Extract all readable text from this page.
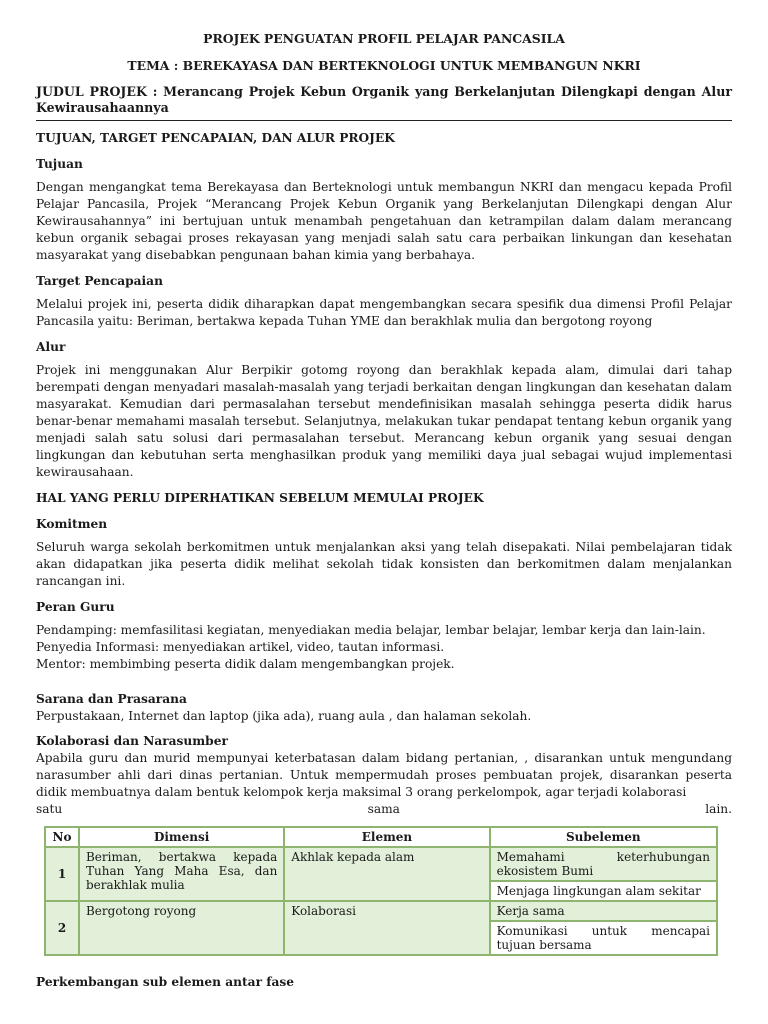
PROJEK PENGUATAN PROFIL PELAJAR PANCASILA
TEMA : BEREKAYASA DAN BERTEKNOLOGI UNTUK MEMBANGUN NKRI
JUDUL PROJEK : Merancang Projek Kebun Organik yang Berkelanjutan Dilengkapi dengan Alur Kewirausahaannya
TUJUAN, TARGET PENCAPAIAN, DAN ALUR PROJEK
Tujuan

Dengan mengangkat tema Berekayasa dan Berteknologi untuk membangun NKRI dan mengacu kepada Profil Pelajar Pancasila, Projek “Merancang Projek Kebun Organik yang Berkelanjutan Dilengkapi dengan Alur Kewirausahannya” ini bertujuan untuk menambah pengetahuan dan ketrampilan dalam dalam merancang kebun organik sebagai proses rekayasan yang menjadi salah satu cara perbaikan linkungan dan kesehatan masyarakat yang disebabkan pengunaan bahan kimia yang berbahaya.

Target Pencapaian

Melalui projek ini, peserta didik diharapkan dapat mengembangkan secara spesifik dua dimensi Profil Pelajar Pancasila yaitu: Beriman, bertakwa kepada Tuhan YME dan berakhlak mulia dan bergotong royong

Alur

Projek ini menggunakan Alur Berpikir gotomg royong dan berakhlak kepada alam, dimulai dari tahap berempati dengan menyadari masalah-masalah yang terjadi berkaitan dengan lingkungan dan kesehatan dalam masyarakat. Kemudian dari permasalahan tersebut mendefinisikan masalah sehingga peserta didik harus benar-benar memahami masalah tersebut. Selanjutnya, melakukan tukar pendapat tentang kebun organik yang menjadi salah satu solusi dari permasalahan tersebut. Merancang kebun organik yang sesuai dengan lingkungan dan kebutuhan serta menghasilkan produk yang memiliki daya jual sebagai wujud implementasi kewirausahaan.

HAL YANG PERLU DIPERHATIKAN SEBELUM MEMULAI PROJEK
Komitmen

Seluruh warga sekolah berkomitmen untuk menjalankan aksi yang telah disepakati. Nilai pembelajaran tidak akan didapatkan jika peserta didik melihat sekolah tidak konsisten dan berkomitmen dalam menjalankan rancangan ini.

Peran Guru

Pendamping: memfasilitasi kegiatan, menyediakan media belajar, lembar belajar, lembar kerja dan lain-lain.

Penyedia Informasi: menyediakan artikel, video, tautan informasi.

Mentor: membimbing peserta didik dalam mengembangkan projek.

Sarana dan Prasarana

Perpustakaan, Internet dan laptop (jika ada), ruang aula , dan halaman sekolah.

Kolaborasi dan Narasumber

Apabila guru dan murid mempunyai keterbatasan dalam bidang pertanian, , disarankan untuk mengundang narasumber ahli dari dinas pertanian. Untuk mempermudah proses pembuatan projek, disarankan peserta didik membuatnya dalam bentuk kelompok kerja maksimal 3 orang perkelompok, agar terjadi kolaborasi

satu sama lain.

No	Dimensi	Elemen	Subelemen
1	Beriman, bertakwa kepada Tuhan Yang Maha Esa, dan berakhlak mulia	Akhlak kepada alam	Memahami keterhubungan ekosistem Bumi
			Menjaga lingkungan alam sekitar
2	Bergotong royong	Kolaborasi	Kerja sama
			Komunikasi untuk mencapai tujuan bersama
Perkembangan sub elemen antar fase
